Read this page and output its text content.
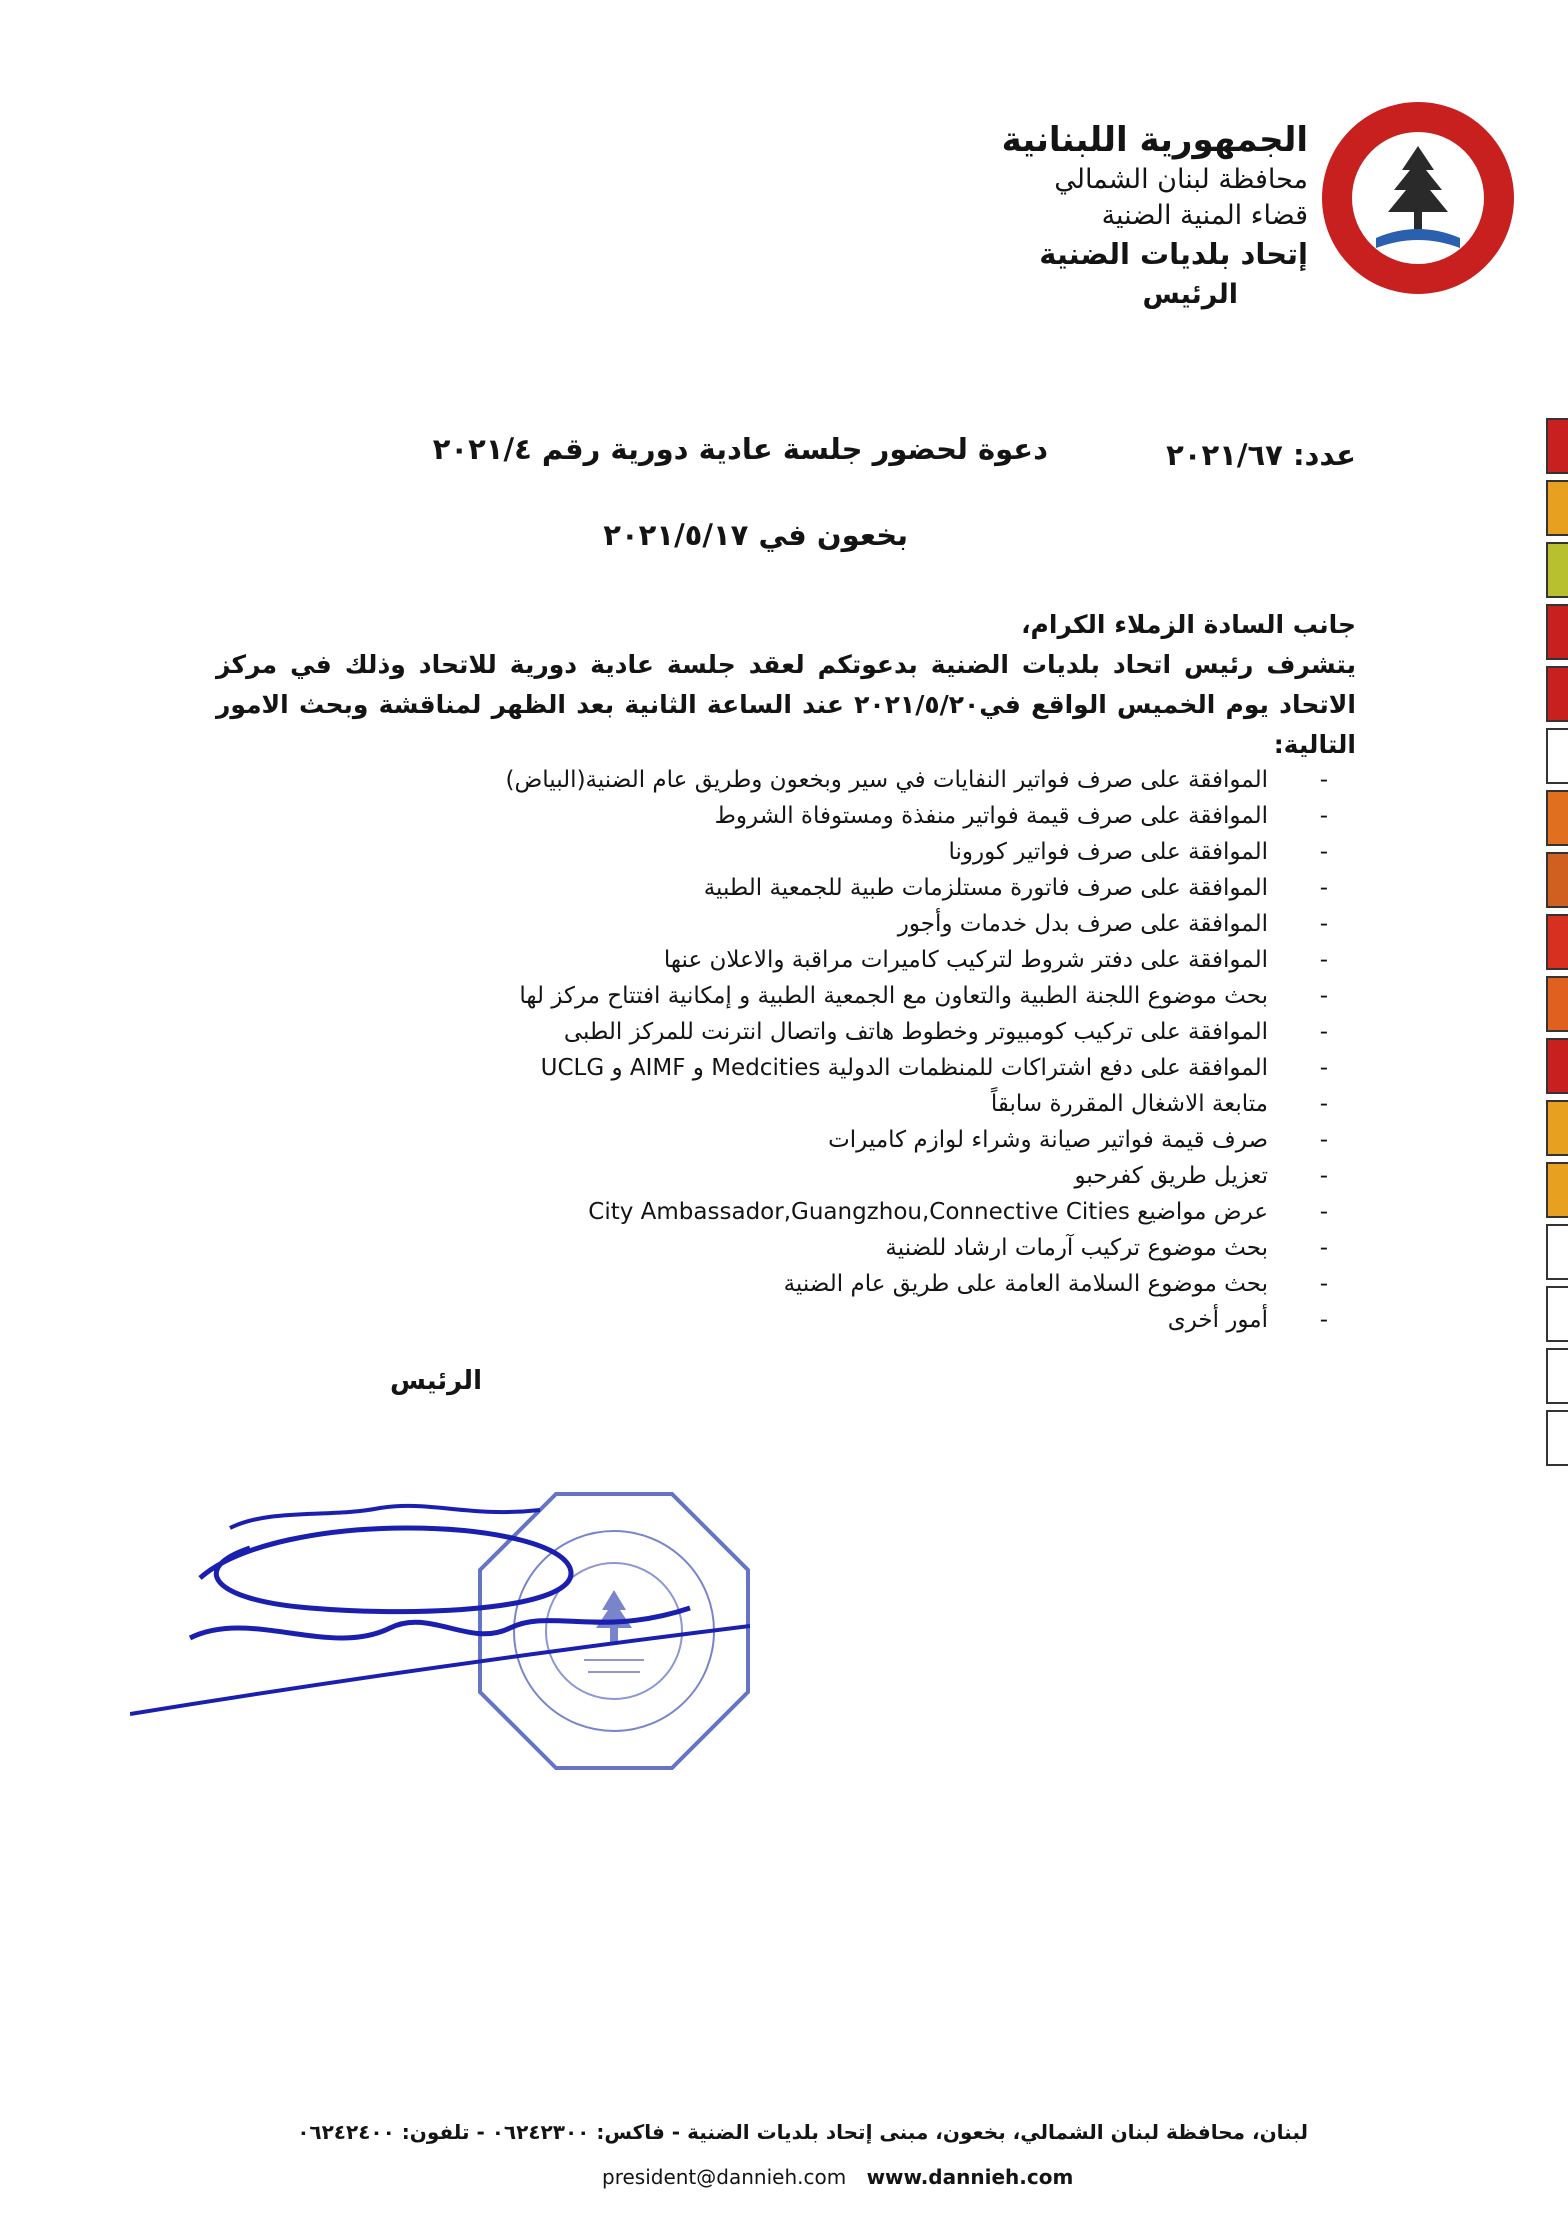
الجمهورية اللبنانية
محافظة لبنان الشمالي
قضاء المنية الضنية
إتحاد بلديات الضنية
الرئيس
عدد: ٢٠٢١/٦٧
دعوة لحضور جلسة عادية دورية رقم ٢٠٢١/٤
بخعون في ٢٠٢١/٥/١٧
جانب السادة الزملاء الكرام،
يتشرف رئيس اتحاد بلديات الضنية بدعوتكم لعقد جلسة عادية دورية للاتحاد وذلك في مركز الاتحاد يوم الخميس الواقع في٢٠٢١/٥/٢٠ عند الساعة الثانية بعد الظهر لمناقشة وبحث الامور التالية:
-
الموافقة على صرف فواتير النفايات في سير وبخعون وطريق عام الضنية(البياض)
-
الموافقة على صرف قيمة فواتير منفذة ومستوفاة الشروط
-
الموافقة على صرف فواتير كورونا
-
الموافقة على صرف فاتورة مستلزمات طبية للجمعية الطبية
-
الموافقة على صرف بدل خدمات وأجور
-
الموافقة على دفتر شروط لتركيب كاميرات مراقبة والاعلان عنها
-
بحث موضوع اللجنة الطبية والتعاون مع الجمعية الطبية و إمكانية افتتاح مركز لها
-
الموافقة على تركيب كومبيوتر وخطوط هاتف واتصال انترنت للمركز الطبى
-
الموافقة على دفع اشتراكات للمنظمات الدولية Medcities و AIMF و UCLG
-
متابعة الاشغال المقررة سابقاً
-
صرف قيمة فواتير صيانة وشراء لوازم كاميرات
-
تعزيل طريق كفرحبو
-
عرض مواضيع City Ambassador,Guangzhou,Connective Cities
-
بحث موضوع تركيب آرمات ارشاد للضنية
-
بحث موضوع السلامة العامة على طريق عام الضنية
-
أمور أخرى
الرئيس
لبنان، محافظة لبنان الشمالي، بخعون، مبنى إتحاد بلديات الضنية - فاكس: ٠٦٢٤٢٣٠٠ - تلفون: ٠٦٢٤٢٤٠٠
president@dannieh.com www.dannieh.com
